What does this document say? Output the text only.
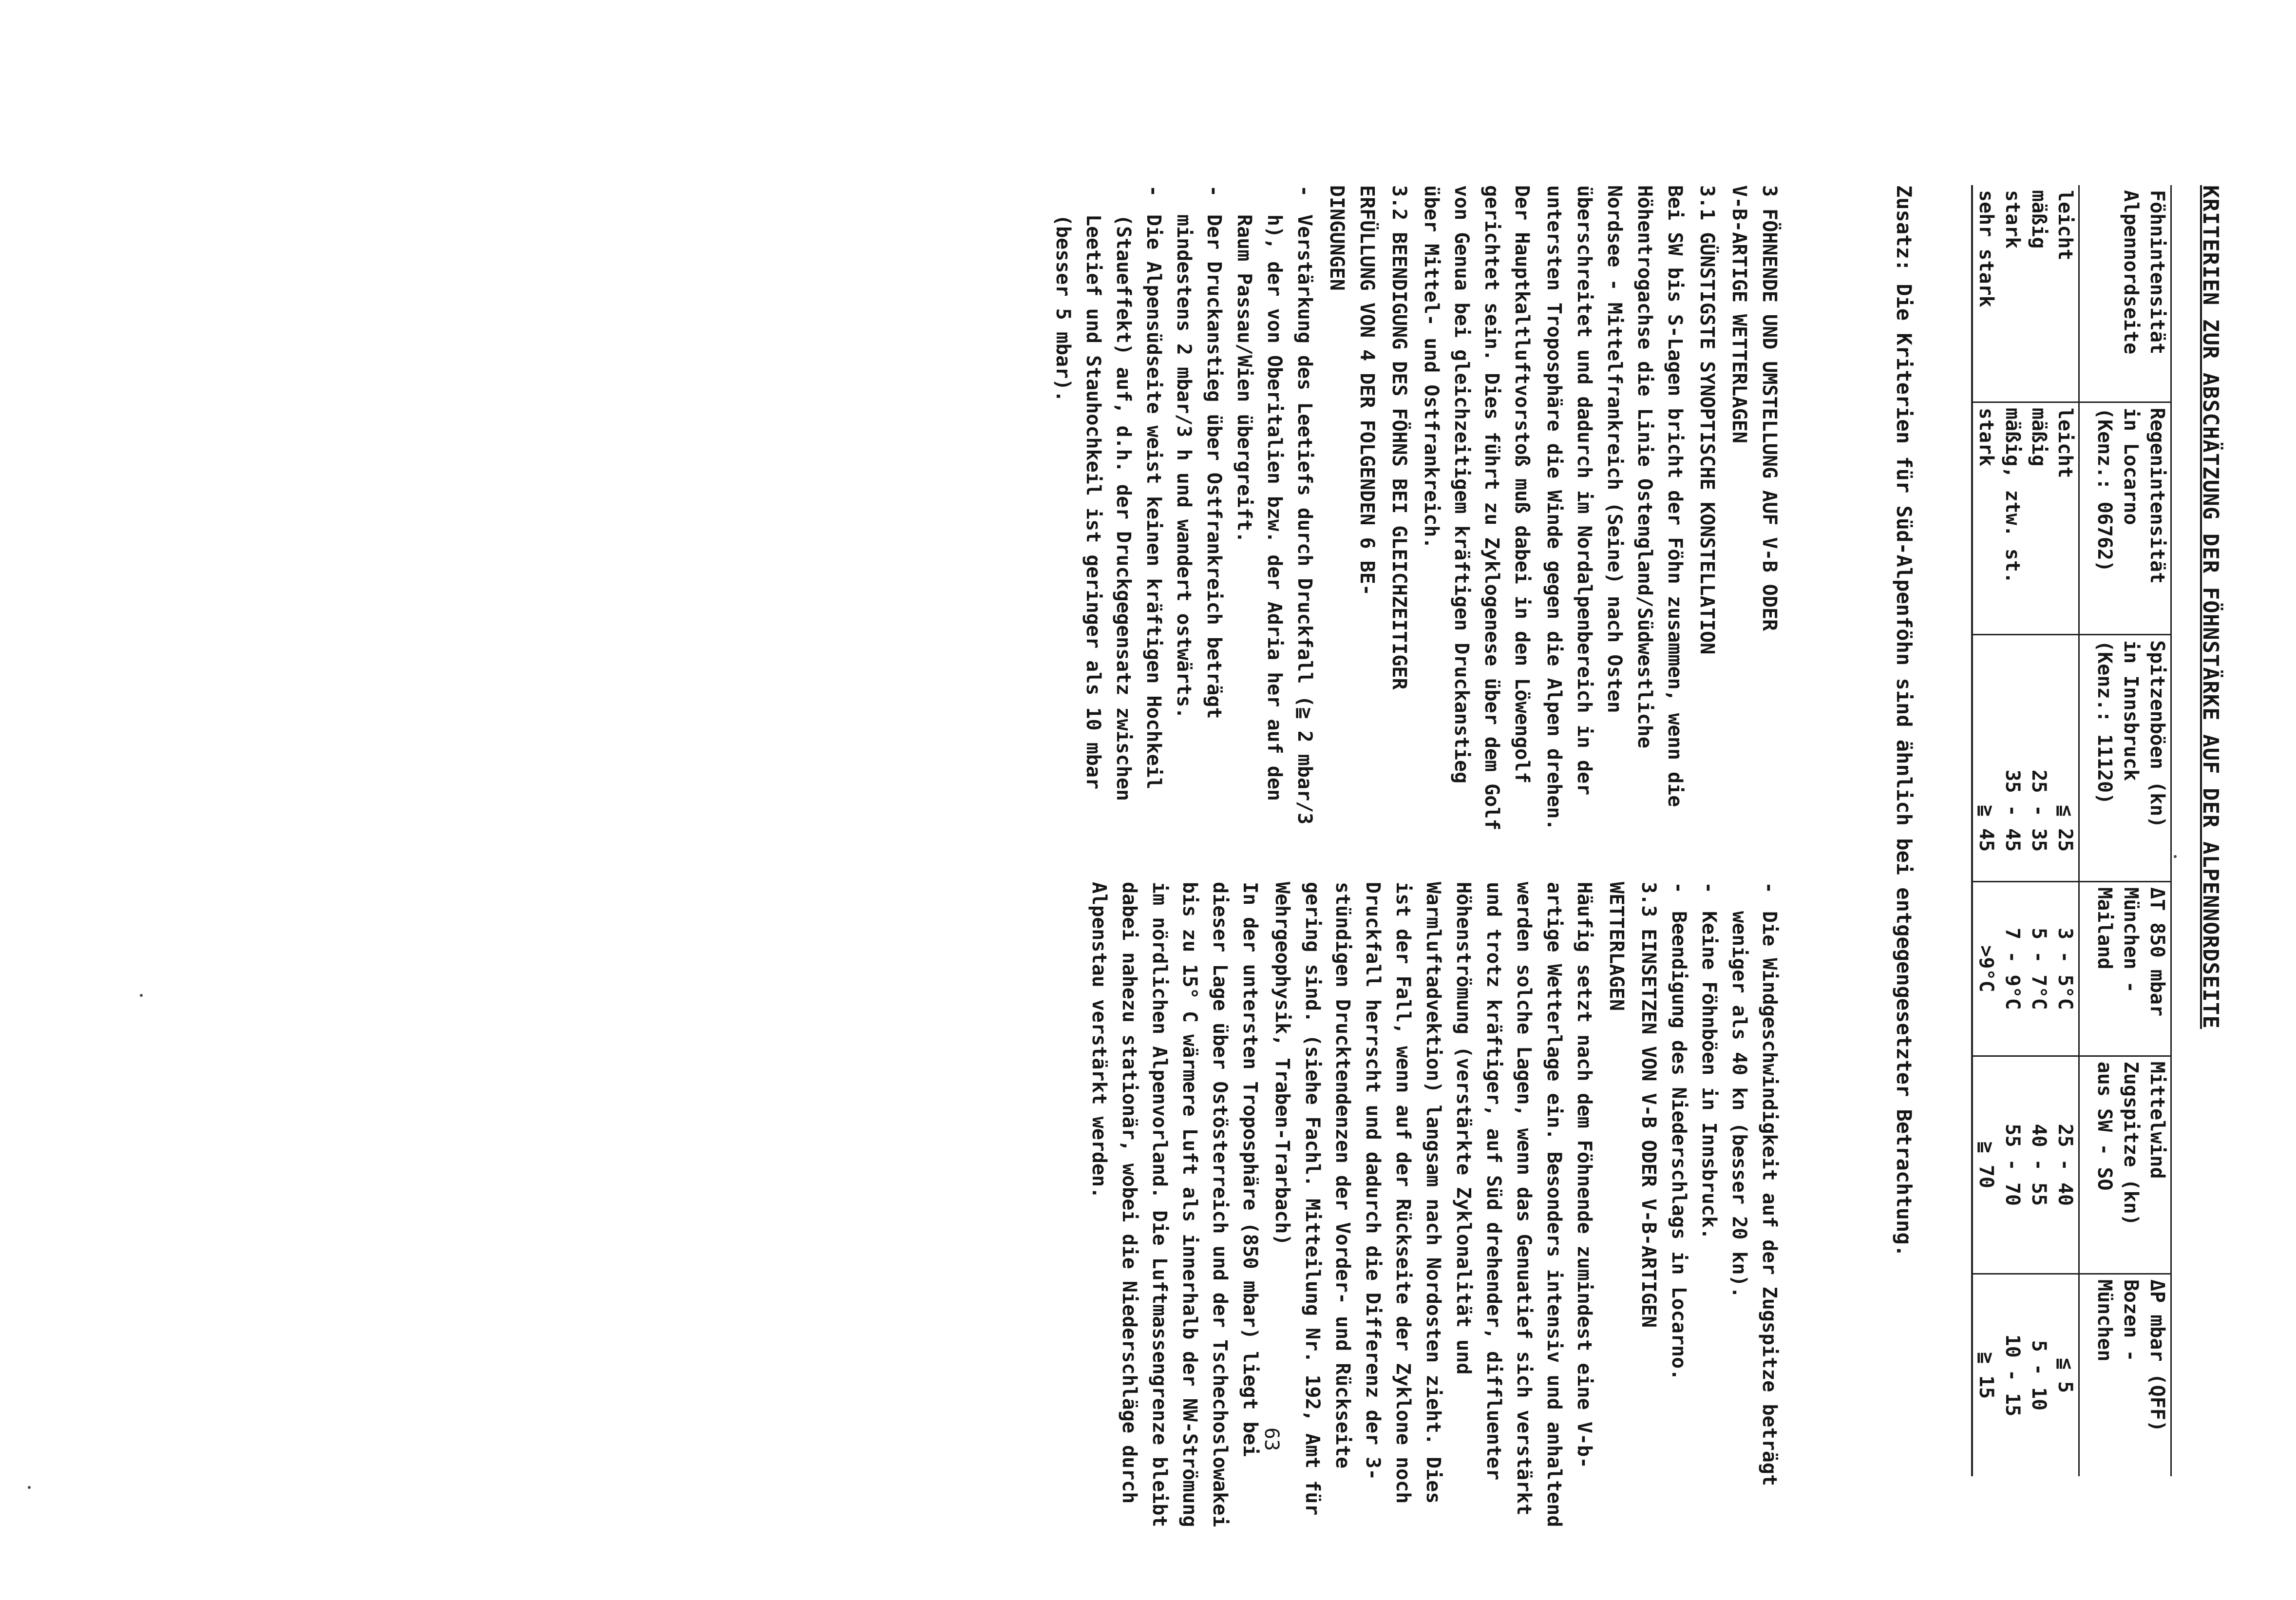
KRITERIEN ZUR ABSCHÄTZUNG DER FÖHNSTÄRKE AUF DER ALPENNORDSEITE
Föhnintensität	Regenintensität	Spitzenböen (kn)	ΔT 850 mbar	Mittelwind	ΔP mbar (QFF)
Alpennordseite	in Locarno	in Innsbruck	München -	Zugspitze (kn)	Bozen -
	(Kenz.: 06762)	(Kenz.: 11120)	Mailand	aus SW - SO	München
leicht	leicht	≦ 25	3 - 5°C	25 - 40	≦ 5
mäßig	mäßig	25 - 35	5 - 7°C	40 - 55	5 - 10
stark	mäßig, ztw. st.	35 - 45	7 - 9°C	55 - 70	10 - 15
sehr stark	stark	≧ 45	>9°C	≧ 70	≧ 15
Zusatz: Die Kriterien für Süd-Alpenföhn sind ähnlich bei entgegengesetzter Betrachtung.

3 FÖHNENDE UND UMSTELLUNG AUF V-B ODER
V-B-ARTIGE WETTERLAGEN

3.1 GÜNSTIGSTE SYNOPTISCHE KONSTELLATION

Bei SW bis S-Lagen bricht der Föhn zusammen, wenn die Höhentrogachse die Linie Ostengland/Südwestliche Nordsee - Mittelfrankreich (Seine) nach Osten überschreitet und dadurch im Nordalpenbereich in der untersten Troposphäre die Winde gegen die Alpen drehen.

Der Hauptkaltluftvorstoß muß dabei in den Löwengolf gerichtet sein. Dies führt zu Zyklogenese über dem Golf von Genua bei gleichzeitigem kräftigen Druckanstieg über Mittel- und Ostfrankreich.

3.2 BEENDIGUNG DES FÖHNS BEI GLEICHZEITIGER

ERFÜLLUNG VON 4 DER FOLGENDEN 6 BE-
DINGUNGEN

-
Verstärkung des Leetiefs durch Druckfall (≧ 2 mbar/3 h), der von Oberitalien bzw. der Adria her auf den Raum Passau/Wien übergreift.
-
Der Druckanstieg über Ostfrankreich beträgt mindestens 2 mbar/3 h und wandert ostwärts.
-
Die Alpensüdseite weist keinen kräftigen Hochkeil (Staueffekt) auf, d.h. der Druckgegensatz zwischen Leetief und Stauhochkeil ist geringer als 10 mbar (besser 5 mbar).
-
Die Windgeschwindigkeit auf der Zugspitze beträgt weniger als 40 kn (besser 20 kn).
-
Keine Föhnböen in Innsbruck.
-
Beendigung des Niederschlags in Locarno.

3.3 EINSETZEN VON V-B ODER V-B-ARTIGEN

WETTERLAGEN

Häufig setzt nach dem Föhnende zumindest eine V-b-artige Wetterlage ein. Besonders intensiv und anhaltend werden solche Lagen, wenn das Genuatief sich verstärkt und trotz kräftiger, auf Süd drehender, diffluenter Höhenströmung (verstärkte Zyklonalität und Warmluftadvektion) langsam nach Nordosten zieht. Dies ist der Fall, wenn auf der Rückseite der Zyklone noch Druckfall herrscht und dadurch die Differenz der 3-stündigen Drucktendenzen der Vorder- und Rückseite gering sind. (siehe Fachl. Mitteilung Nr. 192, Amt für Wehrgeophysik, Traben-Trarbach)

In der untersten Troposphäre (850 mbar) liegt bei dieser Lage über Ostösterreich und der Tschechoslowakei bis zu 15° C wärmere Luft als innerhalb der NW-Strömung im nördlichen Alpenvorland. Die Luftmassengrenze bleibt dabei nahezu stationär, wobei die Niederschläge durch Alpenstau verstärkt werden.

63
